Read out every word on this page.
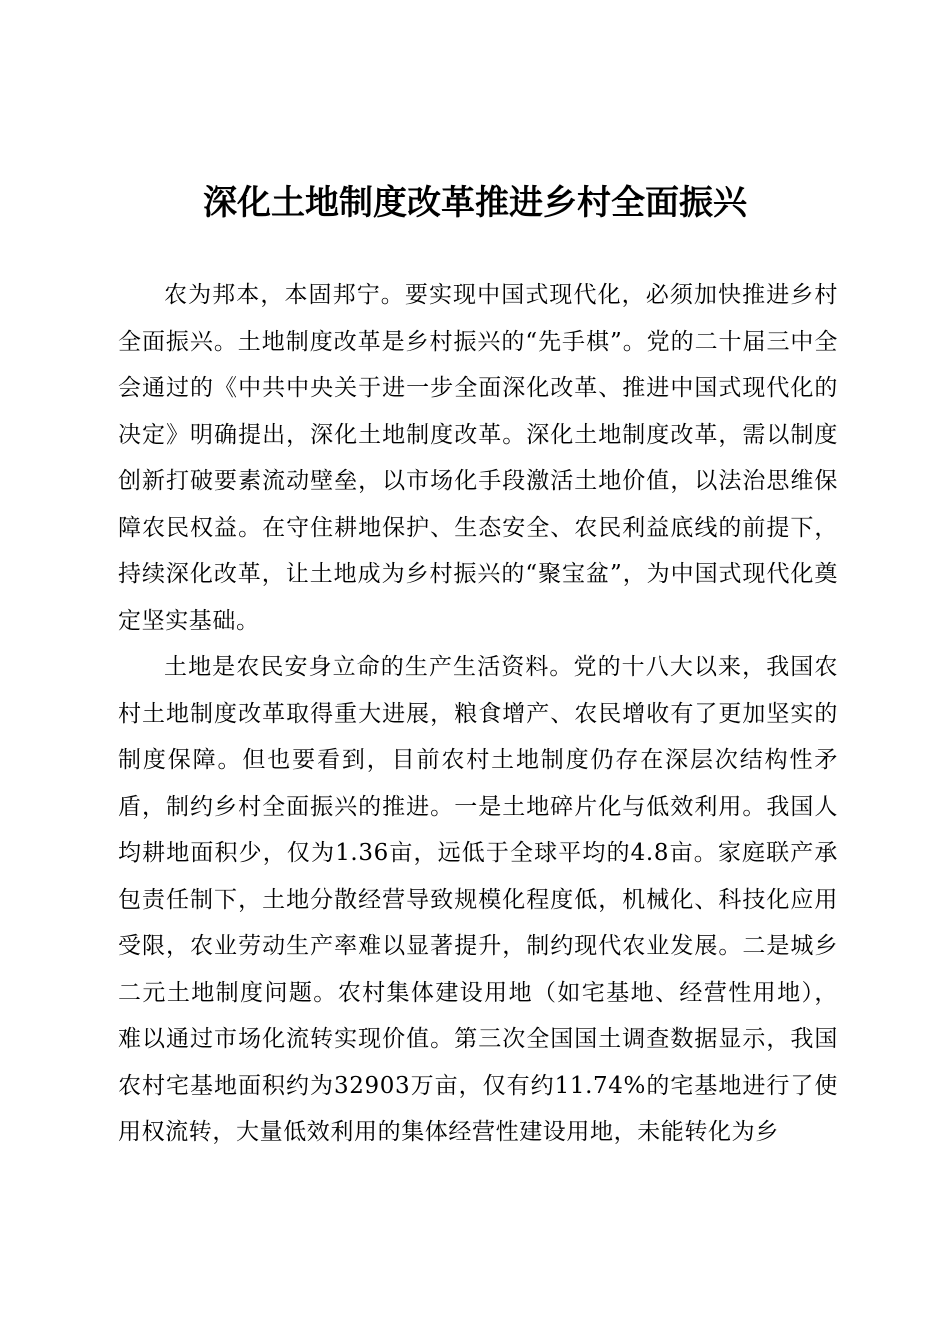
深化土地制度改革推进乡村全面振兴

农为邦本，本固邦宁。要实现中国式现代化，必须加快推进乡村全面振兴。土地制度改革是乡村振兴的“先手棋”。党的二十届三中全会通过的《中共中央关于进一步全面深化改革、推进中国式现代化的决定》明确提出，深化土地制度改革。深化土地制度改革，需以制度创新打破要素流动壁垒，以市场化手段激活土地价值，以法治思维保障农民权益。在守住耕地保护、生态安全、农民利益底线的前提下，持续深化改革，让土地成为乡村振兴的“聚宝盆”，为中国式现代化奠定坚实基础。

土地是农民安身立命的生产生活资料。党的十八大以来，我国农村土地制度改革取得重大进展，粮食增产、农民增收有了更加坚实的制度保障。但也要看到，目前农村土地制度仍存在深层次结构性矛盾，制约乡村全面振兴的推进。一是土地碎片化与低效利用。我国人均耕地面积少，仅为1.36亩，远低于全球平均的4.8亩。家庭联产承包责任制下，土地分散经营导致规模化程度低，机械化、科技化应用受限，农业劳动生产率难以显著提升，制约现代农业发展。二是城乡二元土地制度问题。农村集体建设用地（如宅基地、经营性用地），难以通过市场化流转实现价值。第三次全国国土调查数据显示，我国农村宅基地面积约为32903万亩，仅有约11.74%的宅基地进行了使用权流转，大量低效利用的集体经营性建设用地，未能转化为乡
